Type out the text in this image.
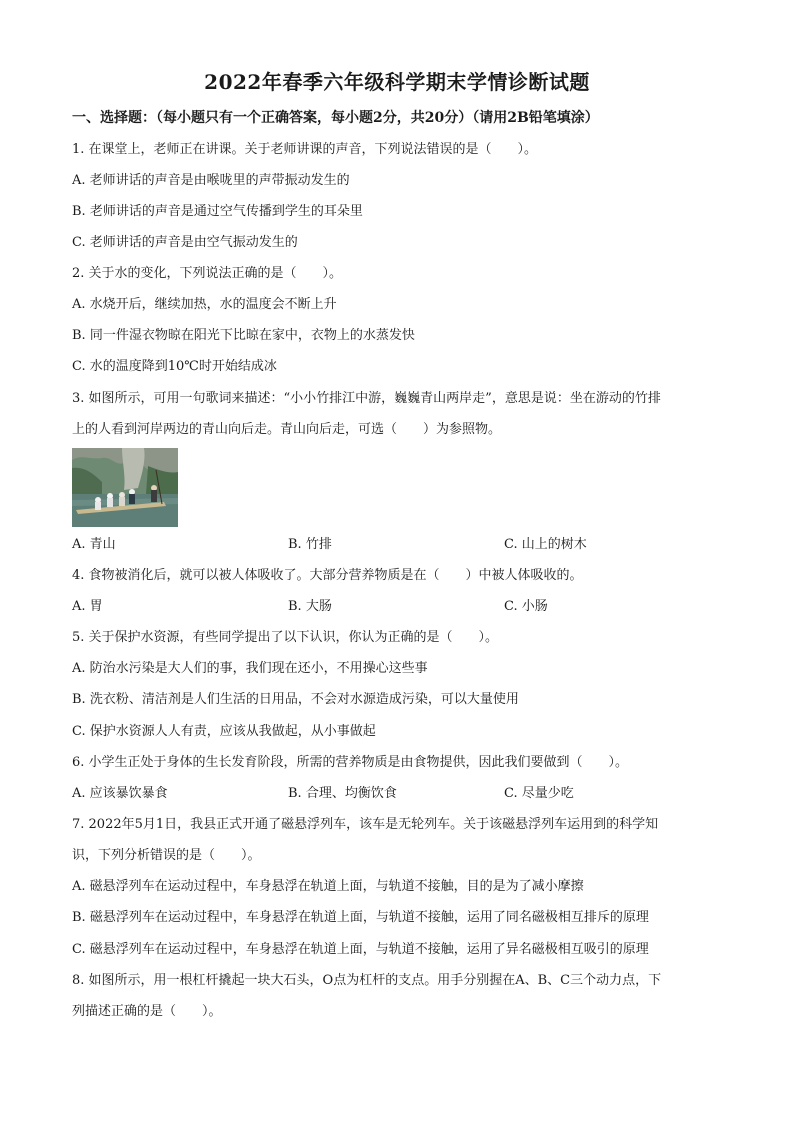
2022年春季六年级科学期末学情诊断试题
一、选择题：（每小题只有一个正确答案，每小题2分，共20分）（请用2B铅笔填涂）
1. 在课堂上，老师正在讲课。关于老师讲课的声音，下列说法错误的是（　　）。
A. 老师讲话的声音是由喉咙里的声带振动发生的
B. 老师讲话的声音是通过空气传播到学生的耳朵里
C. 老师讲话的声音是由空气振动发生的
2. 关于水的变化，下列说法正确的是（　　）。
A. 水烧开后，继续加热，水的温度会不断上升
B. 同一件湿衣物晾在阳光下比晾在家中，衣物上的水蒸发快
C. 水的温度降到10℃时开始结成冰
3. 如图所示，可用一句歌词来描述：“小小竹排江中游，巍巍青山两岸走”，意思是说：坐在游动的竹排
上的人看到河岸两边的青山向后走。青山向后走，可选（　　）为参照物。
A. 青山	B. 竹排	C. 山上的树木
4. 食物被消化后，就可以被人体吸收了。大部分营养物质是在（　　）中被人体吸收的。
A. 胃	B. 大肠	C. 小肠
5. 关于保护水资源，有些同学提出了以下认识，你认为正确的是（　　）。
A. 防治水污染是大人们的事，我们现在还小，不用操心这些事
B. 洗衣粉、清洁剂是人们生活的日用品，不会对水源造成污染，可以大量使用
C. 保护水资源人人有责，应该从我做起，从小事做起
6. 小学生正处于身体的生长发育阶段，所需的营养物质是由食物提供，因此我们要做到（　　）。
A. 应该暴饮暴食	B. 合理、均衡饮食	C. 尽量少吃
7. 2022年5月1日，我县正式开通了磁悬浮列车，该车是无轮列车。关于该磁悬浮列车运用到的科学知
识，下列分析错误的是（　　）。
A. 磁悬浮列车在运动过程中，车身悬浮在轨道上面，与轨道不接触，目的是为了减小摩擦
B. 磁悬浮列车在运动过程中，车身悬浮在轨道上面，与轨道不接触，运用了同名磁极相互排斥的原理
C. 磁悬浮列车在运动过程中，车身悬浮在轨道上面，与轨道不接触，运用了异名磁极相互吸引的原理
8. 如图所示，用一根杠杆撬起一块大石头，O点为杠杆的支点。用手分别握在A、B、C三个动力点，下
列描述正确的是（　　）。
